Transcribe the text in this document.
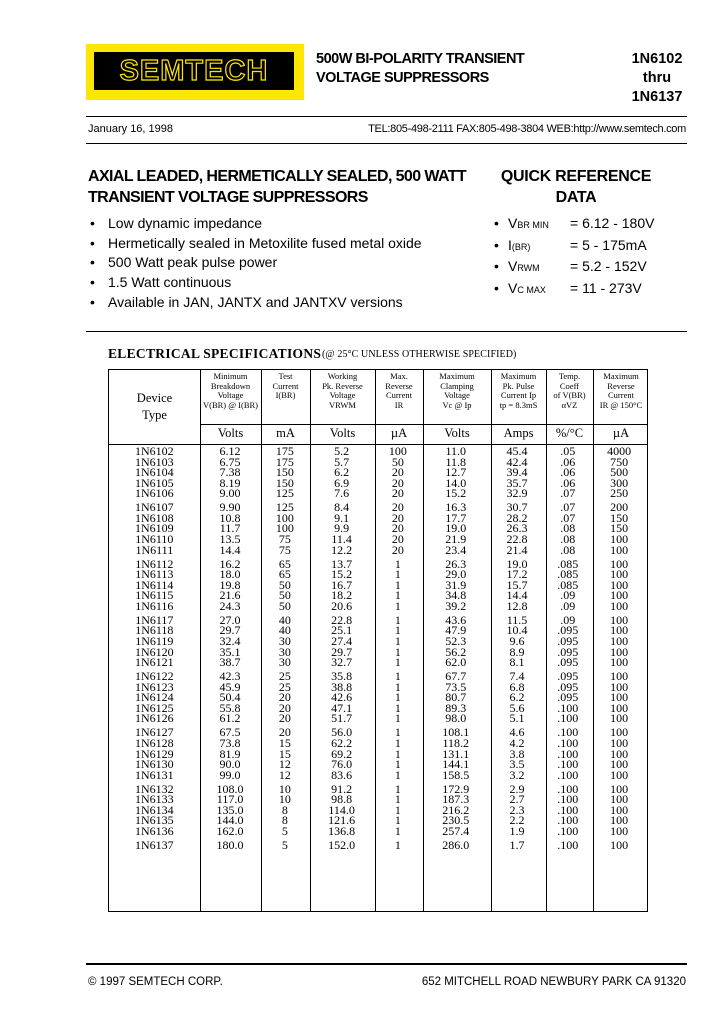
SEMTECH	500W BI-POLARITY TRANSIENT
VOLTAGE SUPPRESSORS
1N6102
thru
1N6137
January 16, 1998	TEL:805-498-2111 FAX:805-498-3804 WEB:http://www.semtech.com
AXIAL LEADED, HERMETICALLY SEALED, 500 WATT
TRANSIENT VOLTAGE SUPPRESSORS
QUICK REFERENCE
DATA
• Low dynamic impedance
• Hermetically sealed in Metoxilite fused metal oxide
• 500 Watt peak pulse power
• 1.5 Watt continuous
• Available in JAN, JANTX and JANTXV versions
• VBR MIN = 6.12 - 180V
• I(BR)	= 5 - 175mA
• VRWM = 5.2 - 152V
• VC MAX = 11 - 273V
ELECTRICAL SPECIFICATIONS (@ 25°C UNLESS OTHERWISE SPECIFIED)
Device
Type
Minimum
Breakdown
Voltage
V(BR) @ I(BR)
Volts
Test
Current
I(BR)
mA
Working
Pk. Reverse
Voltage
VRWM
Volts
Max.
Reverse
Current
IR
µA
Maximum
Clamping
Voltage
Vc @ Ip
Volts
Maximum
Pk. Pulse
Current Ip
tp = 8.3mS
Amps
Temp.
Coeff
of V(BR)
αVZ
%/°C
Maximum
Reverse
Current
IR @ 150°C
µA
1N6102	6.12	175	5.2	100	11.0	45.4	.05	4000
1N6103	6.75	175	5.7	50	11.8	42.4	.06	750
1N6104	7.38	150	6.2	20	12.7	39.4	.06	500
1N6105	8.19	150	6.9	20	14.0	35.7	.06	300
1N6106	9.00	125	7.6	20	15.2	32.9	.07	250
1N6107	9.90	125	8.4	20	16.3	30.7	.07	200
1N6108	10.8	100	9.1	20	17.7	28.2	.07	150
1N6109	11.7	100	9.9	20	19.0	26.3	.08	150
1N6110	13.5	75	11.4	20	21.9	22.8	.08	100
1N6111	14.4	75	12.2	20	23.4	21.4	.08	100
1N6112	16.2	65	13.7	1	26.3	19.0	.085	100
1N6113	18.0	65	15.2	1	29.0	17.2	.085	100
1N6114	19.8	50	16.7	1	31.9	15.7	.085	100
1N6115	21.6	50	18.2	1	34.8	14.4	.09	100
1N6116	24.3	50	20.6	1	39.2	12.8	.09	100
1N6117	27.0	40	22.8	1	43.6	11.5	.09	100
1N6118	29.7	40	25.1	1	47.9	10.4	.095	100
1N6119	32.4	30	27.4	1	52.3	9.6	.095	100
1N6120	35.1	30	29.7	1	56.2	8.9	.095	100
1N6121	38.7	30	32.7	1	62.0	8.1	.095	100
1N6122	42.3	25	35.8	1	67.7	7.4	.095	100
1N6123	45.9	25	38.8	1	73.5	6.8	.095	100
1N6124	50.4	20	42.6	1	80.7	6.2	.095	100
1N6125	55.8	20	47.1	1	89.3	5.6	.100	100
1N6126	61.2	20	51.7	1	98.0	5.1	.100	100
1N6127	67.5	20	56.0	1	108.1	4.6	.100	100
1N6128	73.8	15	62.2	1	118.2	4.2	.100	100
1N6129	81.9	15	69.2	1	131.1	3.8	.100	100
1N6130	90.0	12	76.0	1	144.1	3.5	.100	100
1N6131	99.0	12	83.6	1	158.5	3.2	.100	100
1N6132	108.0	10	91.2	1	172.9	2.9	.100	100
1N6133	117.0	10	98.8	1	187.3	2.7	.100	100
1N6134	135.0	8	114.0	1	216.2	2.3	.100	100
1N6135	144.0	8	121.6	1	230.5	2.2	.100	100
1N6136	162.0	5	136.8	1	257.4	1.9	.100	100
1N6137	180.0	5	152.0	1	286.0	1.7	.100	100
© 1997 SEMTECH CORP.	652 MITCHELL ROAD NEWBURY PARK CA 91320
